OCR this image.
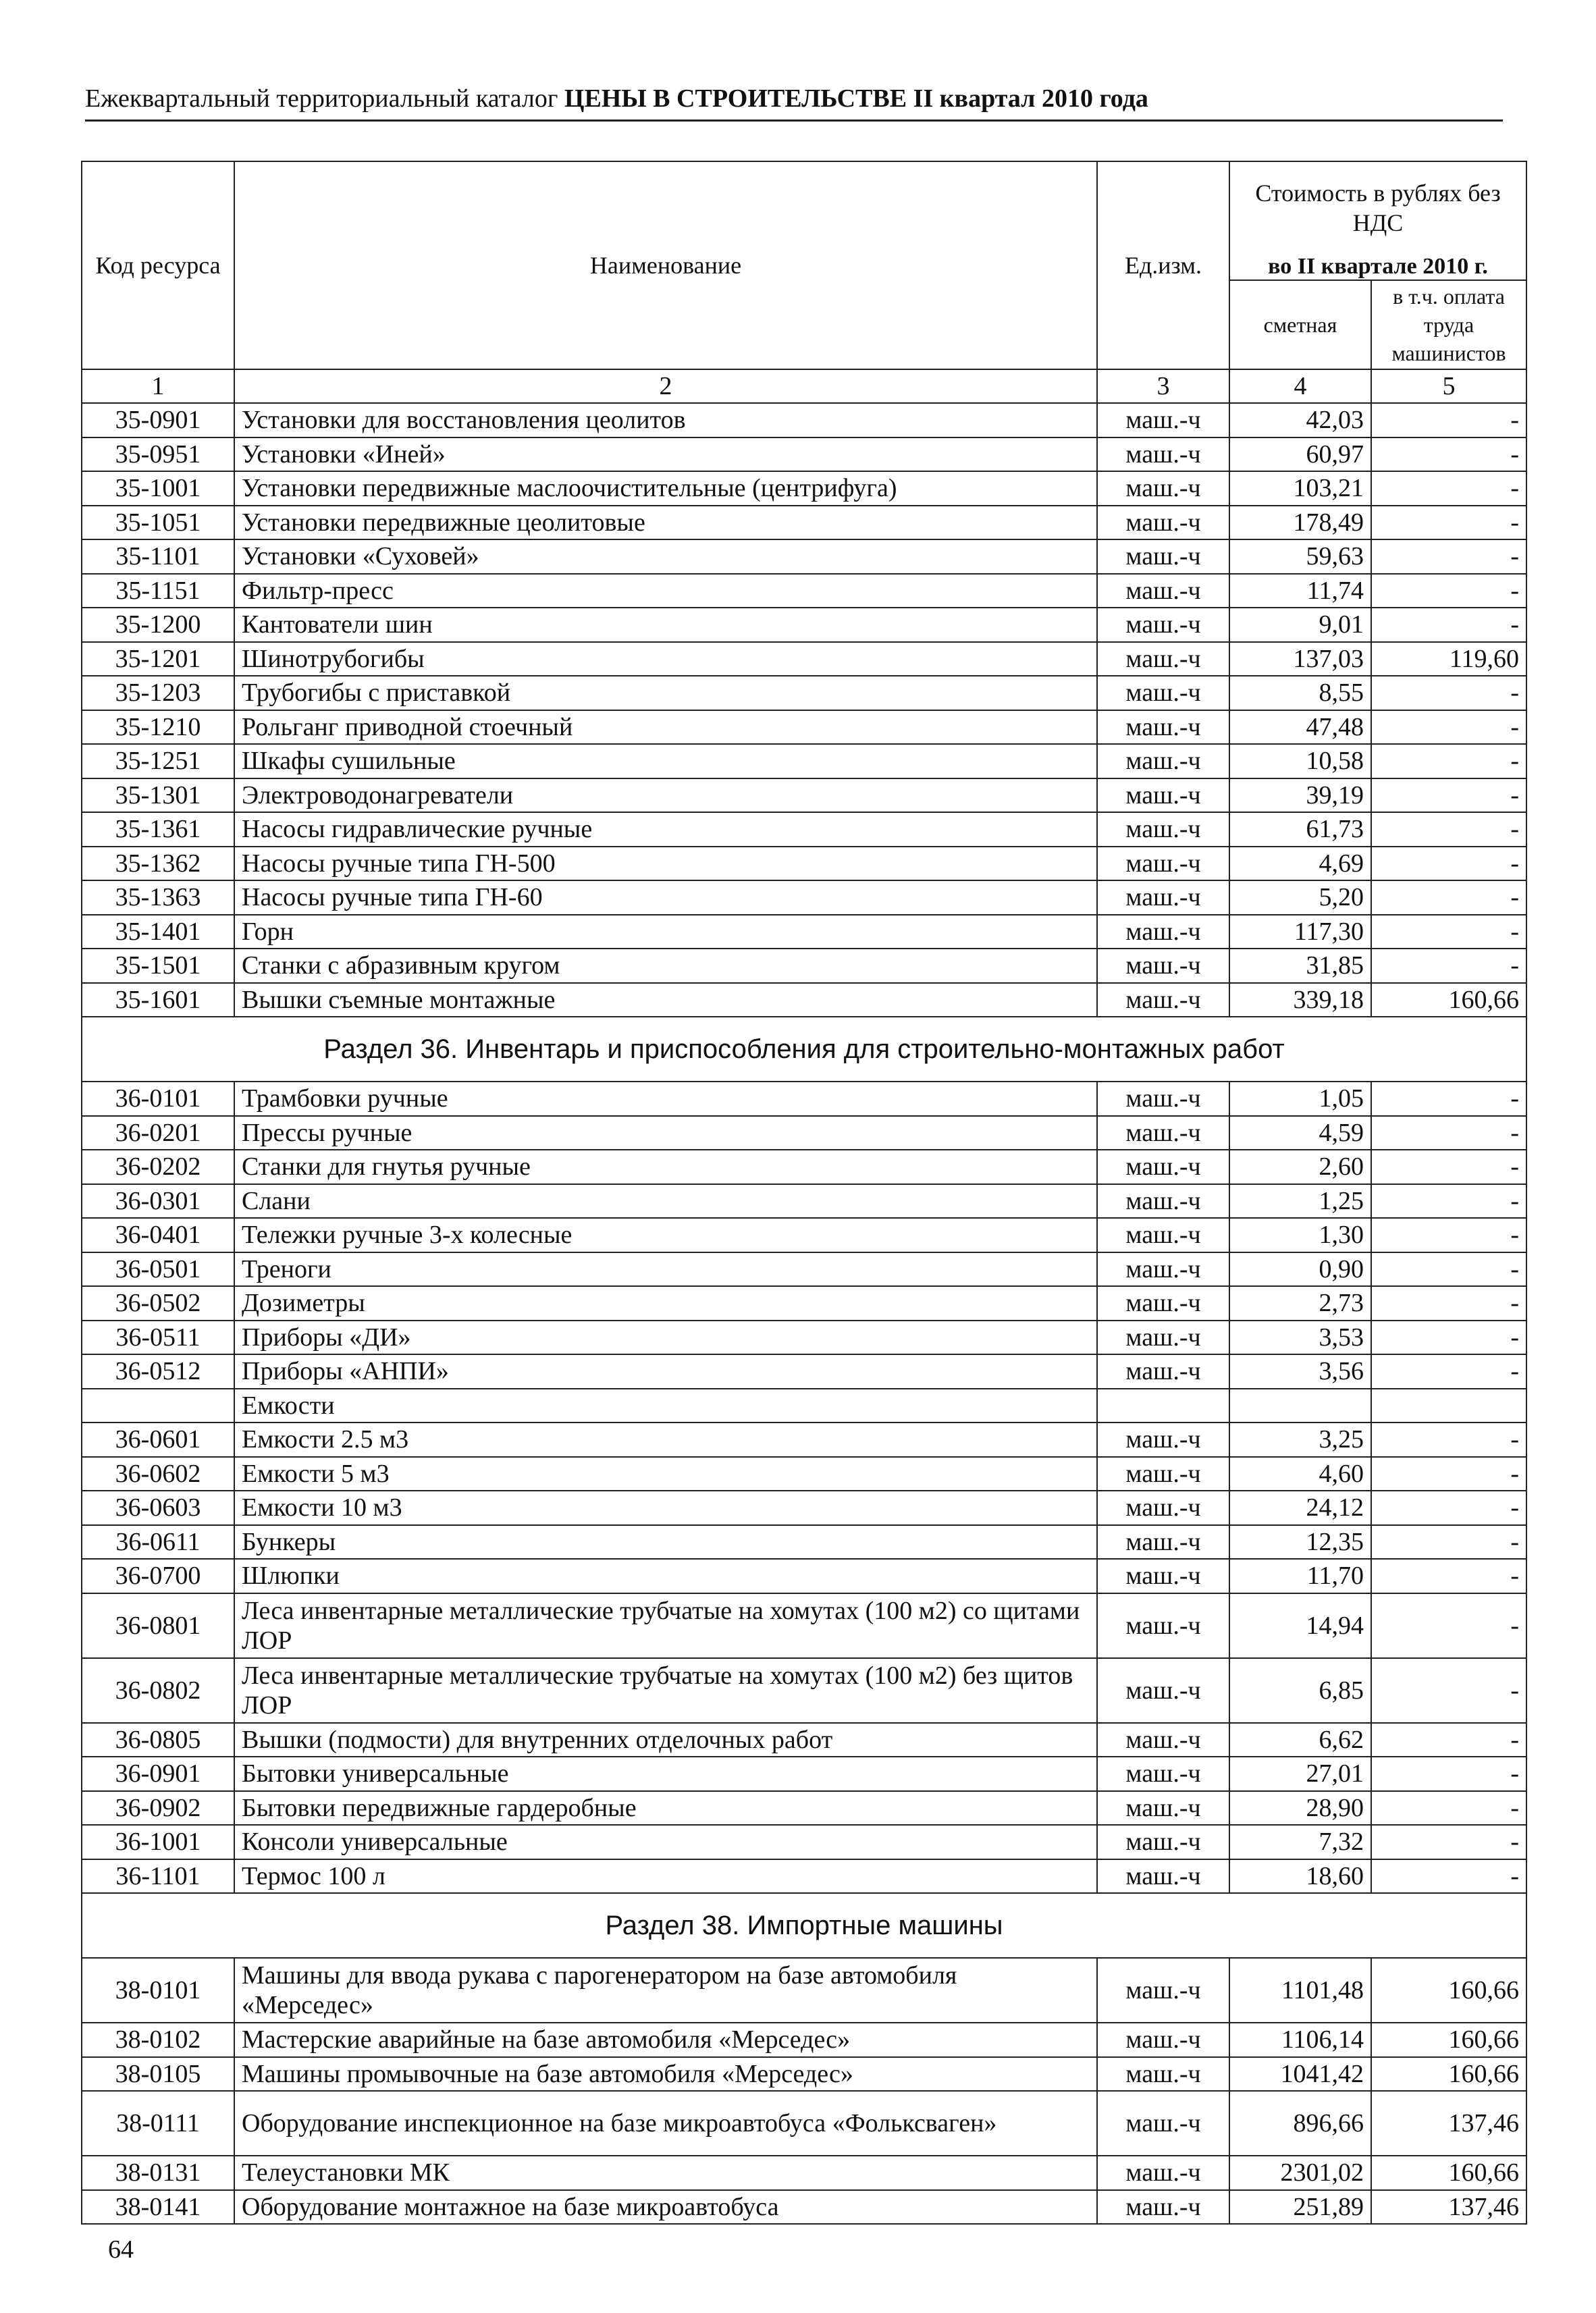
Ежеквартальный территориальный каталог ЦЕНЫ В СТРОИТЕЛЬСТВЕ II квартал 2010 года
Код ресурса	Наименование	Ед.изм.	Стоимость в рублях без НДС	
			во II квартале 2010 г.	
			сметная	в т.ч. оплата труда машинистов
1	2	3	4	5
35-0901	Установки для восстановления цеолитов	маш.-ч	42,03	-
35-0951	Установки «Иней»	маш.-ч	60,97	-
35-1001	Установки передвижные маслоочистительные (центрифуга)	маш.-ч	103,21	-
35-1051	Установки передвижные цеолитовые	маш.-ч	178,49	-
35-1101	Установки «Суховей»	маш.-ч	59,63	-
35-1151	Фильтр-пресс	маш.-ч	11,74	-
35-1200	Кантователи шин	маш.-ч	9,01	-
35-1201	Шинотрубогибы	маш.-ч	137,03	119,60
35-1203	Трубогибы с приставкой	маш.-ч	8,55	-
35-1210	Рольганг приводной стоечный	маш.-ч	47,48	-
35-1251	Шкафы сушильные	маш.-ч	10,58	-
35-1301	Электроводонагреватели	маш.-ч	39,19	-
35-1361	Насосы гидравлические ручные	маш.-ч	61,73	-
35-1362	Насосы ручные типа ГН-500	маш.-ч	4,69	-
35-1363	Насосы ручные типа ГН-60	маш.-ч	5,20	-
35-1401	Горн	маш.-ч	117,30	-
35-1501	Станки с абразивным кругом	маш.-ч	31,85	-
35-1601	Вышки съемные монтажные	маш.-ч	339,18	160,66
Раздел 36. Инвентарь и приспособления для строительно-монтажных работ				
36-0101	Трамбовки ручные	маш.-ч	1,05	-
36-0201	Прессы ручные	маш.-ч	4,59	-
36-0202	Станки для гнутья ручные	маш.-ч	2,60	-
36-0301	Слани	маш.-ч	1,25	-
36-0401	Тележки ручные 3-х колесные	маш.-ч	1,30	-
36-0501	Треноги	маш.-ч	0,90	-
36-0502	Дозиметры	маш.-ч	2,73	-
36-0511	Приборы «ДИ»	маш.-ч	3,53	-
36-0512	Приборы «АНПИ»	маш.-ч	3,56	-
	Емкости			
36-0601	Емкости 2.5 м3	маш.-ч	3,25	-
36-0602	Емкости 5 м3	маш.-ч	4,60	-
36-0603	Емкости 10 м3	маш.-ч	24,12	-
36-0611	Бункеры	маш.-ч	12,35	-
36-0700	Шлюпки	маш.-ч	11,70	-
36-0801	Леса инвентарные металлические трубчатые на хомутах (100 м2) со щитами ЛОР	маш.-ч	14,94	-
36-0802	Леса инвентарные металлические трубчатые на хомутах (100 м2) без щитов ЛОР	маш.-ч	6,85	-
36-0805	Вышки (подмости) для внутренних отделочных работ	маш.-ч	6,62	-
36-0901	Бытовки универсальные	маш.-ч	27,01	-
36-0902	Бытовки передвижные гардеробные	маш.-ч	28,90	-
36-1001	Консоли универсальные	маш.-ч	7,32	-
36-1101	Термос 100 л	маш.-ч	18,60	-
Раздел 38. Импортные машины				
38-0101	Машины для ввода рукава с парогенератором на базе автомобиля «Мерседес»	маш.-ч	1101,48	160,66
38-0102	Мастерские аварийные на базе автомобиля «Мерседес»	маш.-ч	1106,14	160,66
38-0105	Машины промывочные на базе автомобиля «Мерседес»	маш.-ч	1041,42	160,66
38-0111	Оборудование инспекционное на базе микроавтобуса «Фольксваген»	маш.-ч	896,66	137,46
38-0131	Телеустановки МК	маш.-ч	2301,02	160,66
38-0141	Оборудование монтажное на базе микроавтобуса	маш.-ч	251,89	137,46
64
